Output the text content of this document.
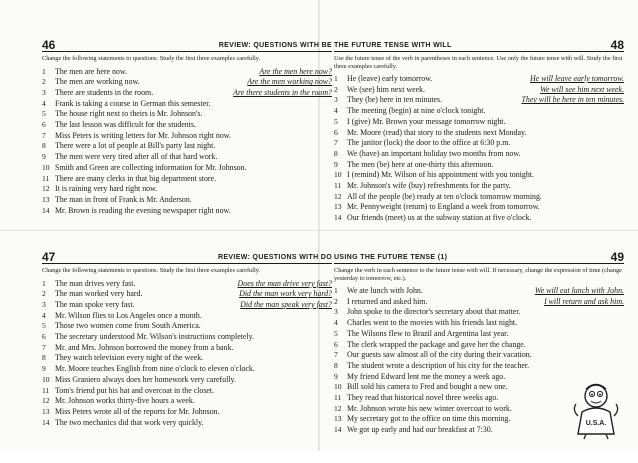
46	REVIEW: QUESTIONS WITH BE
Change the following statements to questions. Study the first three examples carefully.
1	The men are here now.	Are the men here now?
2	The men are working now.	Are the men working now?
3	There are students in the room.	Are there students in the room?
4	Frank is taking a course in German this semester.
5	The house right next to theirs is Mr. Johnson's.
6	The last lesson was difficult for the students.
7	Miss Peters is writing letters for Mr. Johnson right now.
8	There were a lot of people at Bill's party last night.
9	The men were very tired after all of that hard work.
10 Smith and Green are collecting information for Mr. Johnson.
11 There are many clerks in that big department store.
12 It is raining very hard right now.
13 The man in front of Frank is Mr. Anderson.
14 Mr. Brown is reading the evening newspaper right now.
THE FUTURE TENSE WITH WILL	48
Use the future tense of the verb in parentheses in each sentence. Use only the future tense with will. Study the first three examples carefully.
1	He (leave) early tomorrow.	He will leave early tomorrow.
2	We (see) him next week.	We will see him next week.
3	They (be) here in ten minutes.	They will be here in ten minutes.
4	The meeting (begin) at nine o'clock tonight.
5	I (give) Mr. Brown your message tomorrow night.
6	Mr. Moore (read) that story to the students next Monday.
7	The janitor (lock) the door to the office at 6:30 p.m.
8	We (have) an important holiday two months from now.
9	The men (be) here at one-thirty this afternoon.
10 I (remind) Mr. Wilson of his appointment with you tonight.
11 Mr. Johnson's wife (buy) refreshments for the party.
12 All of the people (be) ready at ten o'clock tomorrow morning.
13 Mr. Pennyweight (return) to England a week from tomorrow.
14 Our friends (meet) us at the subway station at five o'clock.
47	REVIEW: QUESTIONS WITH DO
Change the following statements to questions. Study the first three examples carefully.
1	The man drives very fast.	Does the man drive very fast?
2	The man worked very hard.	Did the man work very hard?
3	The man spoke very fast.	Did the man speak very fast?
4	Mr. Wilson flies to Los Angeles once a month.
5	Those two women come from South America.
6	The secretary understood Mr. Wilson's instructions completely.
7	Mr. and Mrs. Johnson borrowed the money from a bank.
8	They watch television every night of the week.
9	Mr. Moore teaches English from nine o'clock to eleven o'clock.
10 Miss Graniero always does her homework very carefully.
11 Tom's friend put his hat and overcoat in the closet.
12 Mr. Johnson works thirty-five hours a week.
13 Miss Peters wrote all of the reports for Mr. Johnson.
14 The two mechanics did that work very quickly.
USING THE FUTURE TENSE (1)	49
Change the verb in each sentence to the future tense with will. If necessary, change the expression of time (change yesterday to tomorrow, etc.).
1	We ate lunch with John.	We will eat lunch with John.
2	I returned and asked him.	I will return and ask him.
3	John spoke to the director's secretary about that matter.
4	Charles went to the movies with his friends last night.
5	The Wilsons flew to Brazil and Argentina last year.
6	The clerk wrapped the package and gave her the change.
7	Our guests saw almost all of the city during their vacation.
8	The student wrote a description of his city for the teacher.
9	My friend Edward lent me the money a week ago.
10 Bill sold his camera to Fred and bought a new one.
11 They read that historical novel three weeks ago.
12 Mr. Johnson wrote his new winter overcoat to work.
13 My secretary got to the office on time this morning.
14 We got up early and had our breakfast at 7:30.
U.S.A.
